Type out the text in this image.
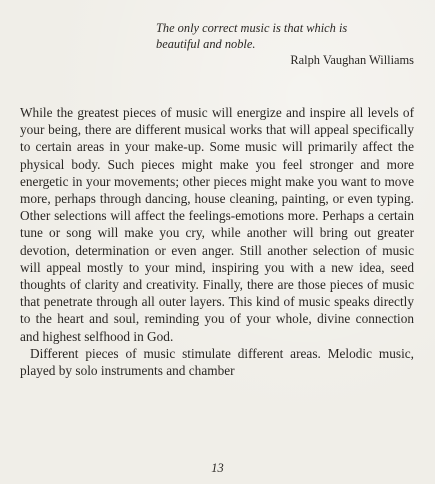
The only correct music is that which is
beautiful and noble.

Ralph Vaughan Williams

While the greatest pieces of music will energize and inspire all levels of your being, there are different musical works that will appeal specifically to certain areas in your make-up. Some music will primarily affect the physical body. Such pieces might make you feel stronger and more energetic in your movements; other pieces might make you want to move more, perhaps through dancing, house cleaning, painting, or even typing. Other selections will affect the feelings-emotions more. Perhaps a certain tune or song will make you cry, while another will bring out greater devotion, determination or even anger. Still another selection of music will appeal mostly to your mind, inspiring you with a new idea, seed thoughts of clarity and creativity. Finally, there are those pieces of music that penetrate through all outer layers. This kind of music speaks directly to the heart and soul, reminding you of your whole, divine connection and highest selfhood in God.

Different pieces of music stimulate different areas. Melodic music, played by solo instruments and chamber

13
